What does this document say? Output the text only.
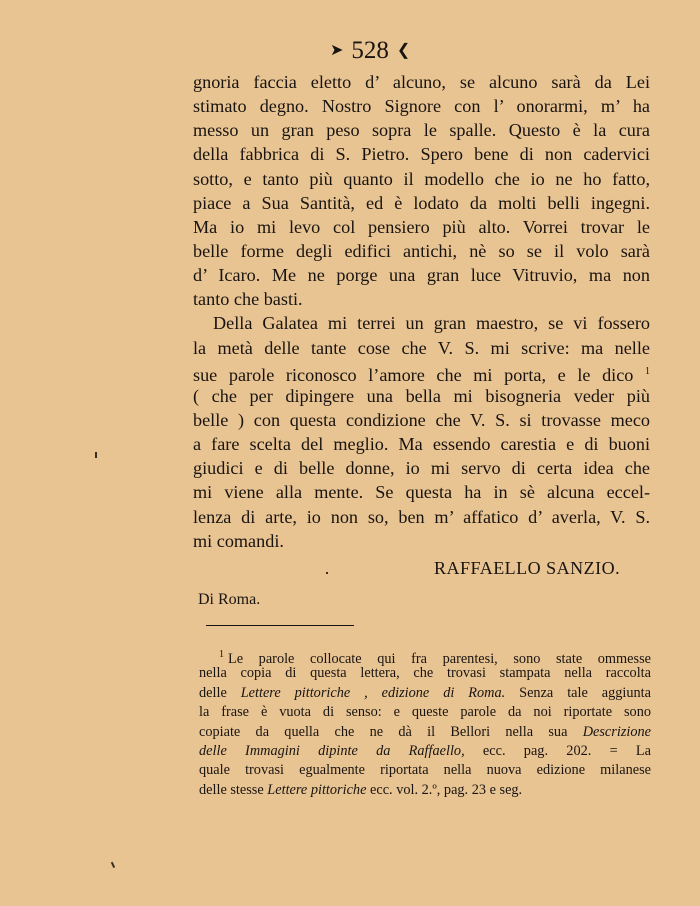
➤ 528 ❮
gnoria faccia eletto d’ alcuno, se alcuno sarà da Lei
stimato degno. Nostro Signore con l’ onorarmi, m’ ha
messo un gran peso sopra le spalle. Questo è la cura
della fabbrica di S. Pietro. Spero bene di non cadervici
sotto, e tanto più quanto il modello che io ne ho fatto,
piace a Sua Santità, ed è lodato da molti belli ingegni.
Ma io mi levo col pensiero più alto. Vorrei trovar le
belle forme degli edifici antichi, nè so se il volo sarà
d’ Icaro. Me ne porge una gran luce Vitruvio, ma non
tanto che basti.
Della Galatea mi terrei un gran maestro, se vi fossero
la metà delle tante cose che V. S. mi scrive: ma nelle
sue parole riconosco l’amore che mi porta, e le dico $^1$
( che per dipingere una bella mi bisogneria veder più
belle ) con questa condizione che V. S. si trovasse meco
a fare scelta del meglio. Ma essendo carestia e di buoni
giudici e di belle donne, io mi servo di certa idea che
mi viene alla mente. Se questa ha in sè alcuna eccel-
lenza di arte, io non so, ben m’ affatico d’ averla, V. S.
mi comandi.
RAFFAELLO SANZIO.
Di Roma.
$^1$ Le parole collocate qui fra parentesi, sono state ommesse
nella copia di questa lettera, che trovasi stampata nella raccolta
delle Lettere pittoriche , edizione di Roma. Senza tale aggiunta
la frase è vuota di senso: e queste parole da noi riportate sono
copiate da quella che ne dà il Bellori nella sua Descrizione
delle Immagini dipinte da Raffaello, ecc. pag. 202. = La
quale trovasi egualmente riportata nella nuova edizione milanese
delle stesse Lettere pittoriche ecc. vol. 2.º, pag. 23 e seg.
